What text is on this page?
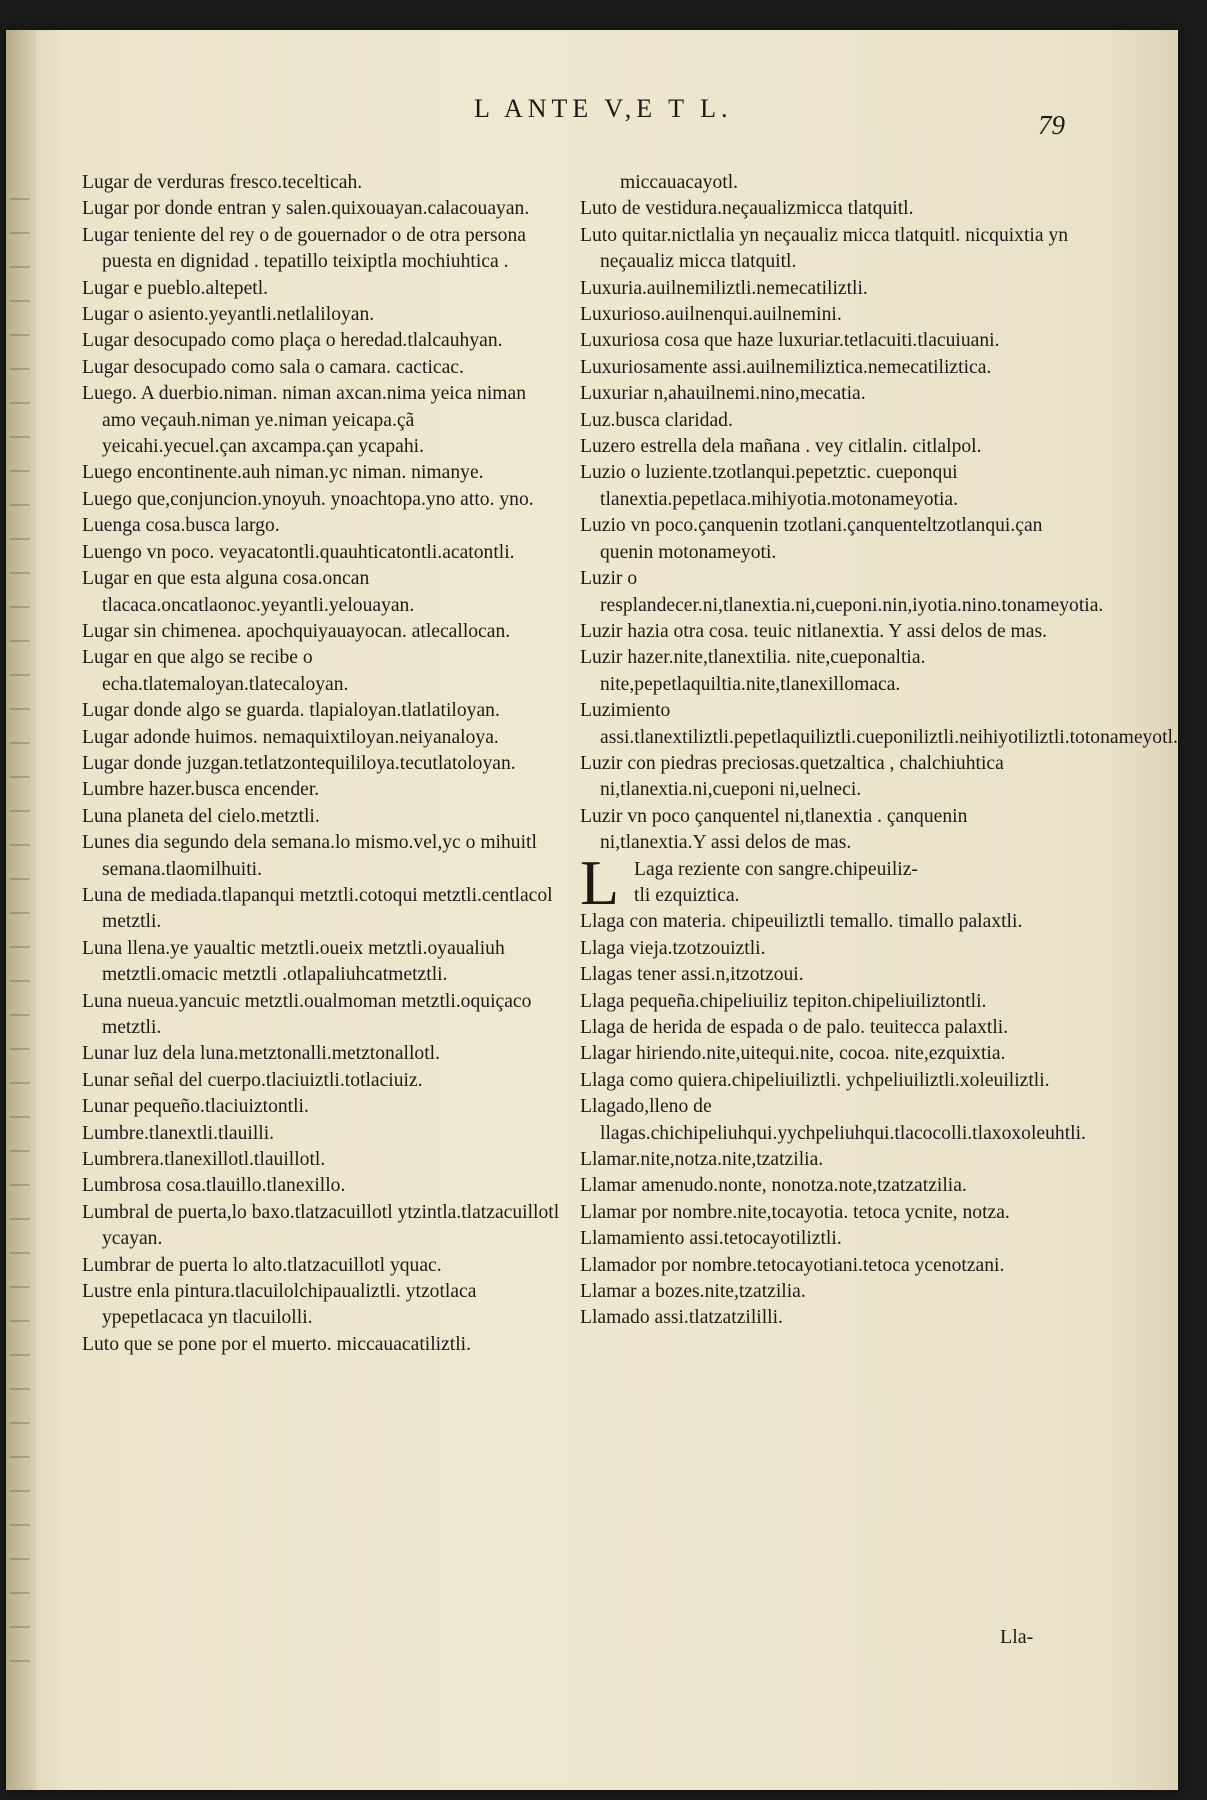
L ANTE V,E T L.
79

Lugar de verduras fresco.tecelticah.

Lugar por donde entran y salen.quixouayan.calacouayan.

Lugar teniente del rey o de gouernador o de otra persona puesta en dignidad . tepatillo teixiptla mochiuhtica .

Lugar e pueblo.altepetl.

Lugar o asiento.yeyantli.netlaliloyan.

Lugar desocupado como plaça o heredad.tlalcauhyan.

Lugar desocupado como sala o camara. cacticac.

Luego. A duerbio.niman. niman axcan.nima yeica niman amo veçauh.niman ye.niman yeicapa.çã yeicahi.yecuel.çan axcampa.çan ycapahi.

Luego encontinente.auh niman.yc niman. nimanye.

Luego que,conjuncion.ynoyuh. ynoachtopa.yno atto. yno.

Luenga cosa.busca largo.

Luengo vn poco. veyacatontli.quauhticatontli.acatontli.

Lugar en que esta alguna cosa.oncan tlacaca.oncatlaonoc.yeyantli.yelouayan.

Lugar sin chimenea. apochquiyauayocan. atlecallocan.

Lugar en que algo se recibe o echa.tlatemaloyan.tlatecaloyan.

Lugar donde algo se guarda. tlapialoyan.tlatlatiloyan.

Lugar adonde huimos. nemaquixtiloyan.neiyanaloya.

Lugar donde juzgan.tetlatzontequililoya.tecutlatoloyan.

Lumbre hazer.busca encender.

Luna planeta del cielo.metztli.

Lunes dia segundo dela semana.lo mismo.vel,yc o mihuitl semana.tlaomilhuiti.

Luna de mediada.tlapanqui metztli.cotoqui metztli.centlacol metztli.

Luna llena.ye yaualtic metztli.oueix metztli.oyaualiuh metztli.omacic metztli .otlapaliuhcatmetztli.

Luna nueua.yancuic metztli.oualmoman metztli.oquiçaco metztli.

Lunar luz dela luna.metztonalli.metztonallotl.

Lunar señal del cuerpo.tlaciuiztli.totlaciuiz.

Lunar pequeño.tlaciuiztontli.

Lumbre.tlanextli.tlauilli.

Lumbrera.tlanexillotl.tlauillotl.

Lumbrosa cosa.tlauillo.tlanexillo.

Lumbral de puerta,lo baxo.tlatzacuillotl ytzintla.tlatzacuillotl ycayan.

Lumbrar de puerta lo alto.tlatzacuillotl yquac.

Lustre enla pintura.tlacuilolchipaualiztli. ytzotlaca ypepetlacaca yn tlacuilolli.

Luto que se pone por el muerto. miccauacatiliztli.

miccauacayotl.

Luto de vestidura.neçaualizmicca tlatquitl.

Luto quitar.nictlalia yn neçaualiz micca tlatquitl. nicquixtia yn neçaualiz micca tlatquitl.

Luxuria.auilnemiliztli.nemecatiliztli.

Luxurioso.auilnenqui.auilnemini.

Luxuriosa cosa que haze luxuriar.tetlacuiti.tlacuiuani.

Luxuriosamente assi.auilnemiliztica.nemecatiliztica.

Luxuriar n,ahauilnemi.nino,mecatia.

Luz.busca claridad.

Luzero estrella dela mañana . vey citlalin. citlalpol.

Luzio o luziente.tzotlanqui.pepetztic. cueponqui tlanextia.pepetlaca.mihiyotia.motonameyotia.

Luzio vn poco.çanquenin tzotlani.çanquenteltzotlanqui.çan quenin motonameyoti.

Luzir o resplandecer.ni,tlanextia.ni,cueponi.nin,iyotia.nino.tonameyotia.

Luzir hazia otra cosa. teuic nitlanextia. Y assi delos de mas.

Luzir hazer.nite,tlanextilia. nite,cueponaltia. nite,pepetlaquiltia.nite,tlanexillomaca.

Luzimiento assi.tlanextiliztli.pepetlaquiliztli.cueponiliztli.neihiyotiliztli.totonameyotl.

Luzir con piedras preciosas.quetzaltica , chalchiuhtica ni,tlanextia.ni,cueponi ni,uelneci.

Luzir vn poco çanquentel ni,tlanextia . çanquenin ni,tlanextia.Y assi delos de mas.

L Laga reziente con sangre.chipeuiliz-
tli ezquiztica.

Llaga con materia. chipeuiliztli temallo. timallo palaxtli.

Llaga vieja.tzotzouiztli.

Llagas tener assi.n,itzotzoui.

Llaga pequeña.chipeliuiliz tepiton.chipeliuiliztontli.

Llaga de herida de espada o de palo. teuitecca palaxtli.

Llagar hiriendo.nite,uitequi.nite, cocoa. nite,ezquixtia.

Llaga como quiera.chipeliuiliztli. ychpeliuiliztli.xoleuiliztli.

Llagado,lleno de llagas.chichipeliuhqui.yychpeliuhqui.tlacocolli.tlaxoxoleuhtli.

Llamar.nite,notza.nite,tzatzilia.

Llamar amenudo.nonte, nonotza.note,tzatzatzilia.

Llamar por nombre.nite,tocayotia. tetoca ycnite, notza.

Llamamiento assi.tetocayotiliztli.

Llamador por nombre.tetocayotiani.tetoca ycenotzani.

Llamar a bozes.nite,tzatzilia.

Llamado assi.tlatzatzililli.

Lla-
